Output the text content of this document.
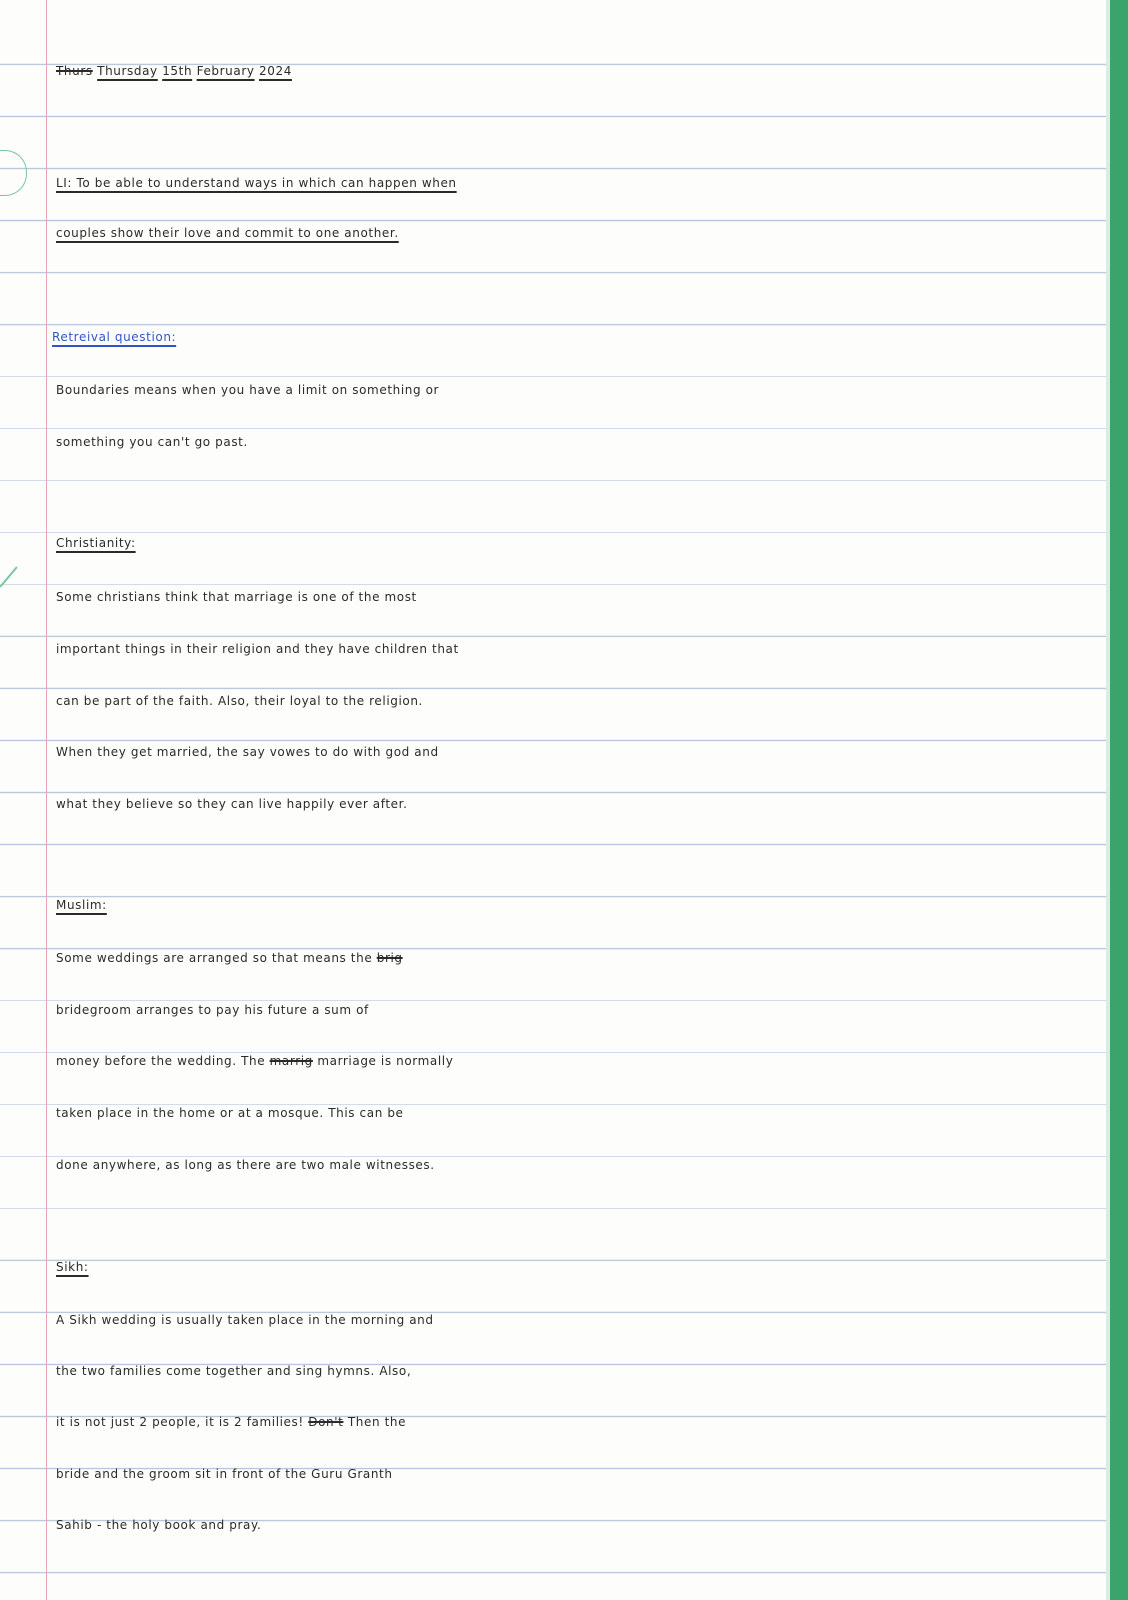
Thurs Thursday 15th February 2024
LI: To be able to understand ways in which can happen when
couples show their love and commit to one another.
Retreival question:
Boundaries means when you have a limit on something or
something you can't go past.
Christianity:
Some christians think that marriage is one of the most
important things in their religion and they have children that
can be part of the faith. Also, their loyal to the religion.
When they get married, the say vowes to do with god and
what they believe so they can live happily ever after.
Muslim:
Some weddings are arranged so that means the brig
bridegroom arranges to pay his future a sum of
money before the wedding. The marrig marriage is normally
taken place in the home or at a mosque. This can be
done anywhere, as long as there are two male witnesses.
Sikh:
A Sikh wedding is usually taken place in the morning and
the two families come together and sing hymns. Also,
it is not just 2 people, it is 2 families! Don't Then the
bride and the groom sit in front of the Guru Granth
Sahib - the holy book and pray.
